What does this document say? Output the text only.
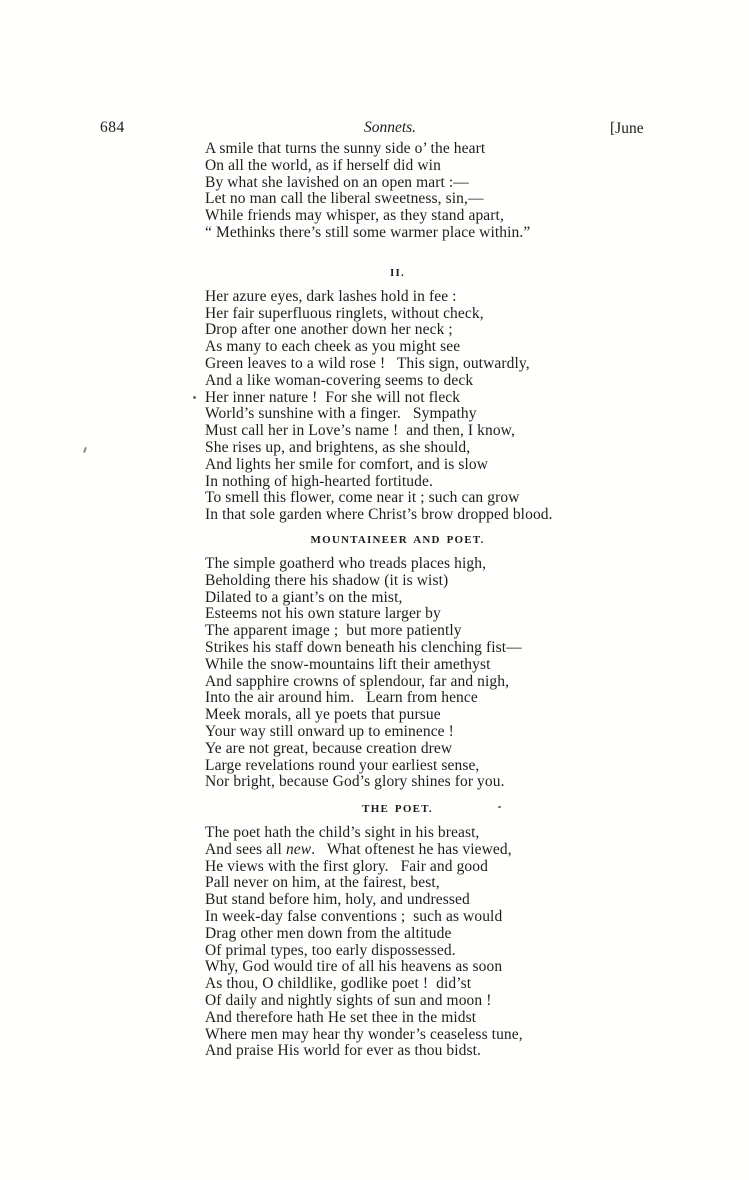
684	Sonnets.	[June
A smile that turns the sunny side o’ the heart
On all the world, as if herself did win
By what she lavished on an open mart :—
Let no man call the liberal sweetness, sin,—
While friends may whisper, as they stand apart,
“ Methinks there’s still some warmer place within.”
II.
Her azure eyes, dark lashes hold in fee :
Her fair superfluous ringlets, without check,
Drop after one another down her neck ;
As many to each cheek as you might see
Green leaves to a wild rose !   This sign, outwardly,
And a like woman-covering seems to deck
Her inner nature !  For she will not fleck
World’s sunshine with a finger.   Sympathy
Must call her in Love’s name !  and then, I know,
She rises up, and brightens, as she should,
And lights her smile for comfort, and is slow
In nothing of high-hearted fortitude.
To smell this flower, come near it ; such can grow
In that sole garden where Christ’s brow dropped blood.
MOUNTAINEER AND POET.
The simple goatherd who treads places high,
Beholding there his shadow (it is wist)
Dilated to a giant’s on the mist,
Esteems not his own stature larger by
The apparent image ;  but more patiently
Strikes his staff down beneath his clenching fist—
While the snow-mountains lift their amethyst
And sapphire crowns of splendour, far and nigh,
Into the air around him.   Learn from hence
Meek morals, all ye poets that pursue
Your way still onward up to eminence !
Ye are not great, because creation drew
Large revelations round your earliest sense,
Nor bright, because God’s glory shines for you.
THE POET.
The poet hath the child’s sight in his breast,
And sees all new.   What oftenest he has viewed,
He views with the first glory.   Fair and good
Pall never on him, at the fairest, best,
But stand before him, holy, and undressed
In week-day false conventions ;  such as would
Drag other men down from the altitude
Of primal types, too early dispossessed.
Why, God would tire of all his heavens as soon
As thou, O childlike, godlike poet !  did’st
Of daily and nightly sights of sun and moon !
And therefore hath He set thee in the midst
Where men may hear thy wonder’s ceaseless tune,
And praise His world for ever as thou bidst.
